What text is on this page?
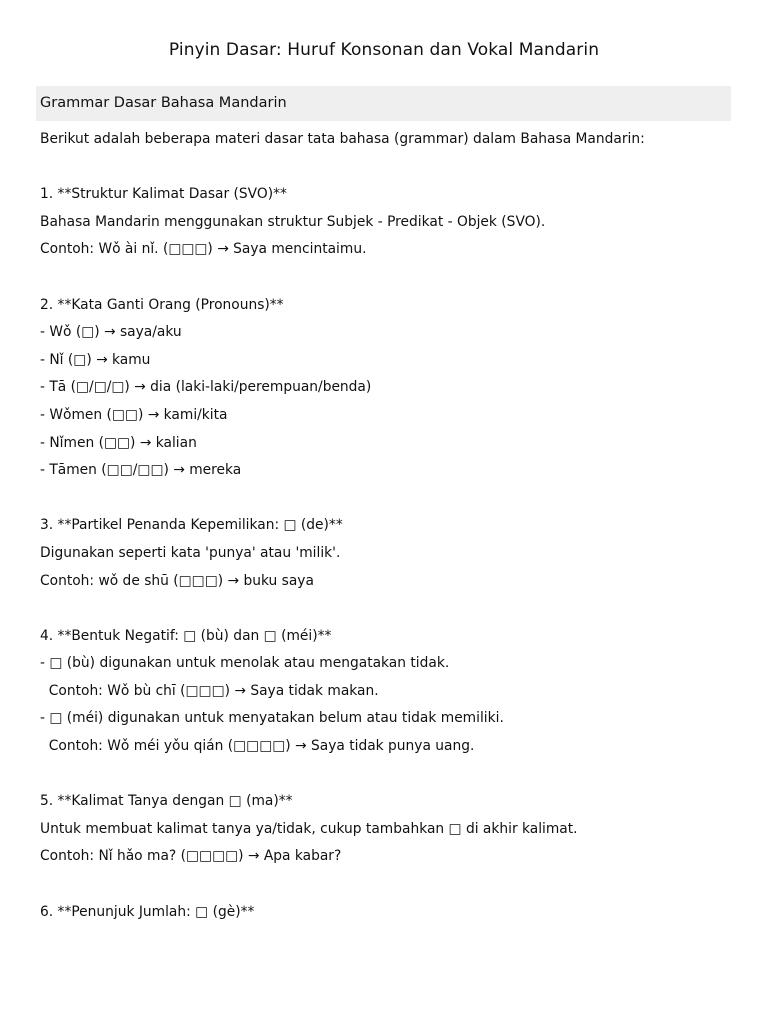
Pinyin Dasar: Huruf Konsonan dan Vokal Mandarin
Grammar Dasar Bahasa Mandarin
Berikut adalah beberapa materi dasar tata bahasa (grammar) dalam Bahasa Mandarin:
1. **Struktur Kalimat Dasar (SVO)**
Bahasa Mandarin menggunakan struktur Subjek - Predikat - Objek (SVO).
Contoh: Wǒ ài nǐ. (□□□) → Saya mencintaimu.
2. **Kata Ganti Orang (Pronouns)**
- Wǒ (□) → saya/aku
- Nǐ (□) → kamu
- Tā (□/□/□) → dia (laki-laki/perempuan/benda)
- Wǒmen (□□) → kami/kita
- Nǐmen (□□) → kalian
- Tāmen (□□/□□) → mereka
3. **Partikel Penanda Kepemilikan: □ (de)**
Digunakan seperti kata 'punya' atau 'milik'.
Contoh: wǒ de shū (□□□) → buku saya
4. **Bentuk Negatif: □ (bù) dan □ (méi)**
- □ (bù) digunakan untuk menolak atau mengatakan tidak.
Contoh: Wǒ bù chī (□□□) → Saya tidak makan.
- □ (méi) digunakan untuk menyatakan belum atau tidak memiliki.
Contoh: Wǒ méi yǒu qián (□□□□) → Saya tidak punya uang.
5. **Kalimat Tanya dengan □ (ma)**
Untuk membuat kalimat tanya ya/tidak, cukup tambahkan □ di akhir kalimat.
Contoh: Nǐ hǎo ma? (□□□□) → Apa kabar?
6. **Penunjuk Jumlah: □ (gè)**
